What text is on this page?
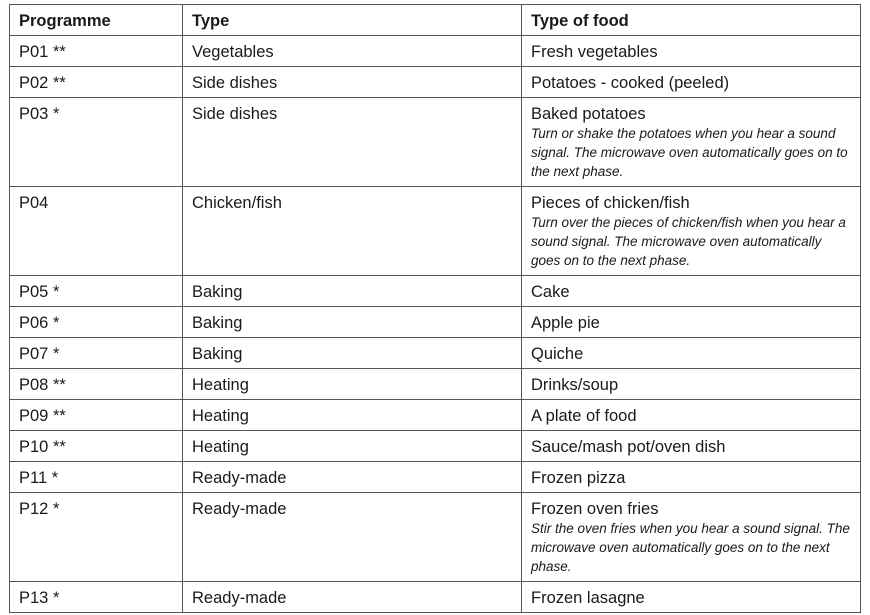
Programme	Type	Type of food
P01 **	Vegetables	Fresh vegetables

P02 **	Side dishes	Potatoes - cooked (peeled)

P03 *	Side dishes	Baked potatoes
Turn or shake the potatoes when you hear a sound signal. The microwave oven automatically goes on to the next phase.

P04	Chicken/fish	Pieces of chicken/fish
Turn over the pieces of chicken/fish when you hear a sound signal. The microwave oven automatically goes on to the next phase.

P05 *	Baking	Cake

P06 *	Baking	Apple pie

P07 *	Baking	Quiche

P08 **	Heating	Drinks/soup

P09 **	Heating	A plate of food

P10 **	Heating	Sauce/mash pot/oven dish

P11 *	Ready-made	Frozen pizza

P12 *	Ready-made	Frozen oven fries
Stir the oven fries when you hear a sound signal. The microwave oven automatically goes on to the next phase.

P13 *	Ready-made	Frozen lasagne
